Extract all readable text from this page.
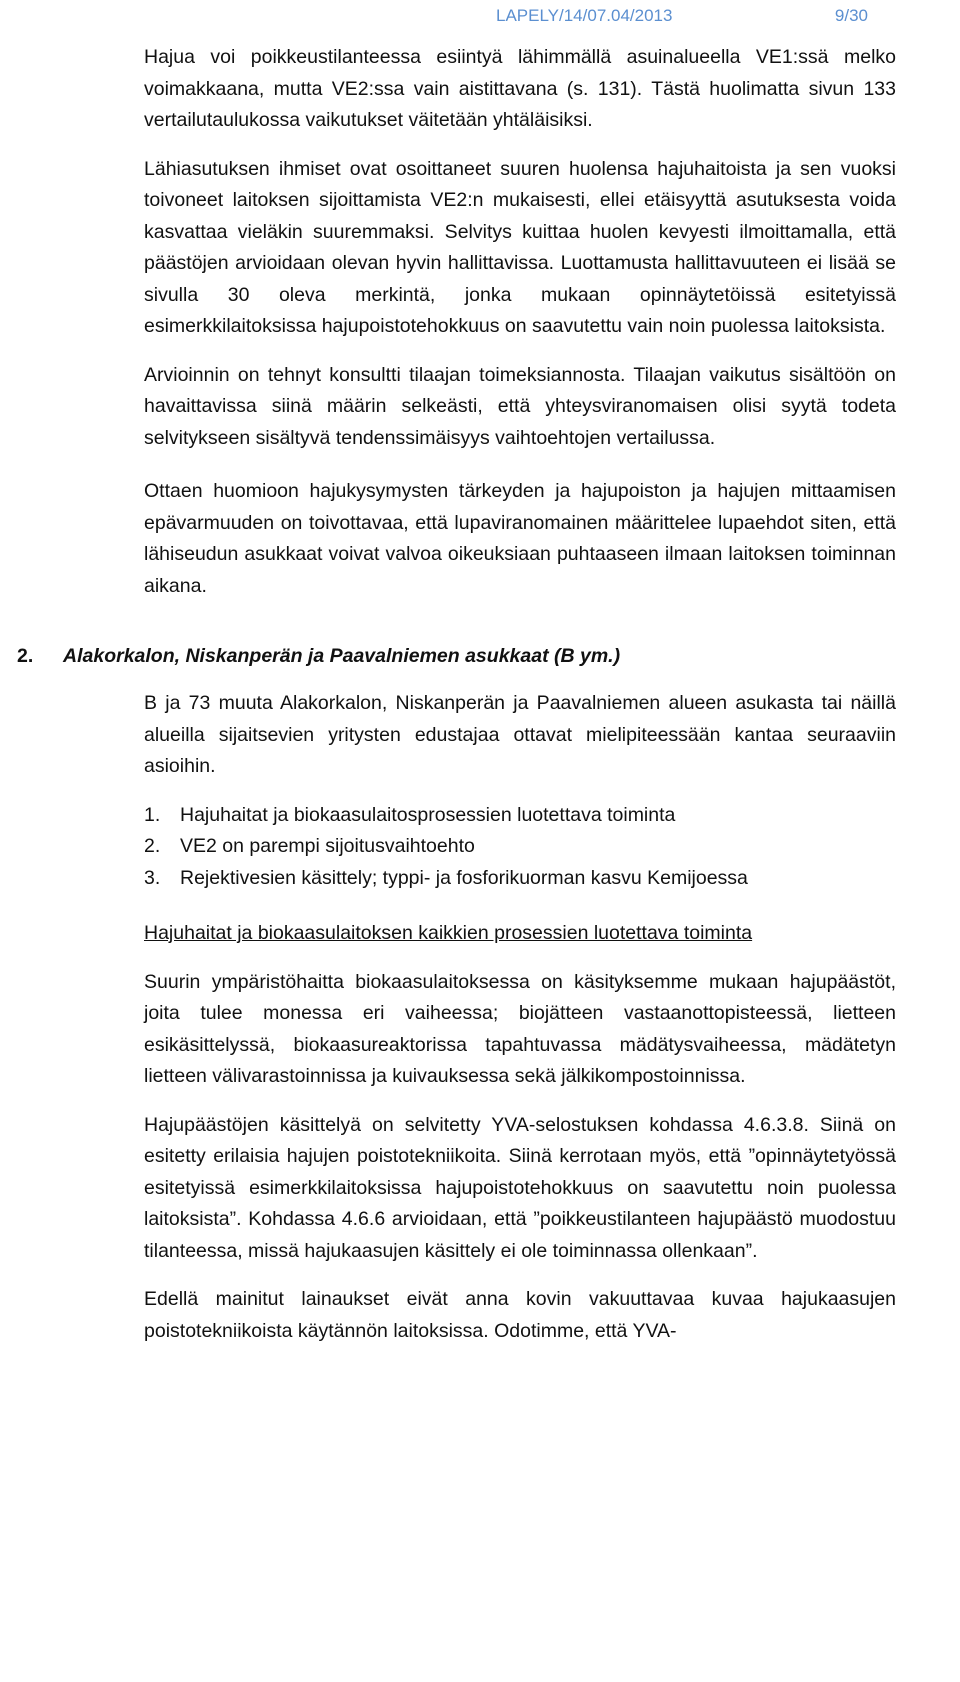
LAPELY/14/07.04/2013	9/30

Hajua voi poikkeustilanteessa esiintyä lähimmällä asuinalueella VE1:ssä melko voimakkaana, mutta VE2:ssa vain aistittavana (s. 131). Tästä huolimatta sivun 133 vertailutaulukossa vaikutukset väitetään yhtäläisiksi.

Lähiasutuksen ihmiset ovat osoittaneet suuren huolensa hajuhaitoista ja sen vuoksi toivoneet laitoksen sijoittamista VE2:n mukaisesti, ellei etäisyyttä asutuksesta voida kasvattaa vieläkin suuremmaksi. Selvitys kuittaa huolen kevyesti ilmoittamalla, että päästöjen arvioidaan olevan hyvin hallittavissa. Luottamusta hallittavuuteen ei lisää se sivulla 30 oleva merkintä, jonka mukaan opinnäytetöissä esitetyissä esimerkkilaitoksissa hajupoistotehokkuus on saavutettu vain noin puolessa laitoksista.

Arvioinnin on tehnyt konsultti tilaajan toimeksiannosta. Tilaajan vaikutus sisältöön on havaittavissa siinä määrin selkeästi, että yhteysviranomaisen olisi syytä todeta selvitykseen sisältyvä tendenssimäisyys vaihtoehtojen vertailussa.

Ottaen huomioon hajukysymysten tärkeyden ja hajupoiston ja hajujen mittaamisen epävarmuuden on toivottavaa, että lupaviranomainen määrittelee lupaehdot siten, että lähiseudun asukkaat voivat valvoa oikeuksiaan puhtaaseen ilmaan laitoksen toiminnan aikana.

2. Alakorkalon, Niskanperän ja Paavalniemen asukkaat (B ym.)

B ja 73 muuta Alakorkalon, Niskanperän ja Paavalniemen alueen asukasta tai näillä alueilla sijaitsevien yritysten edustajaa ottavat mielipiteessään kantaa seuraaviin asioihin.

1.	Hajuhaitat ja biokaasulaitosprosessien luotettava toiminta
2.	VE2 on parempi sijoitusvaihtoehto
3.	Rejektivesien käsittely; typpi- ja fosforikuorman kasvu Kemijoessa
Hajuhaitat ja biokaasulaitoksen kaikkien prosessien luotettava toiminta

Suurin ympäristöhaitta biokaasulaitoksessa on käsityksemme mukaan hajupäästöt, joita tulee monessa eri vaiheessa; biojätteen vastaanottopisteessä, lietteen esikäsittelyssä, biokaasureaktorissa tapahtuvassa mädätysvaiheessa, mädätetyn lietteen välivarastoinnissa ja kuivauksessa sekä jälkikompostoinnissa.

Hajupäästöjen käsittelyä on selvitetty YVA-selostuksen kohdassa 4.6.3.8. Siinä on esitetty erilaisia hajujen poistotekniikoita. Siinä kerrotaan myös, että ”opinnäytetyössä esitetyissä esimerkkilaitoksissa hajupoistotehokkuus on saavutettu noin puolessa laitoksista”. Kohdassa 4.6.6 arvioidaan, että ”poikkeustilanteen hajupäästö muodostuu tilanteessa, missä hajukaasujen käsittely ei ole toiminnassa ollenkaan”.

Edellä mainitut lainaukset eivät anna kovin vakuuttavaa kuvaa hajukaasujen poistotekniikoista käytännön laitoksissa. Odotimme, että YVA-
